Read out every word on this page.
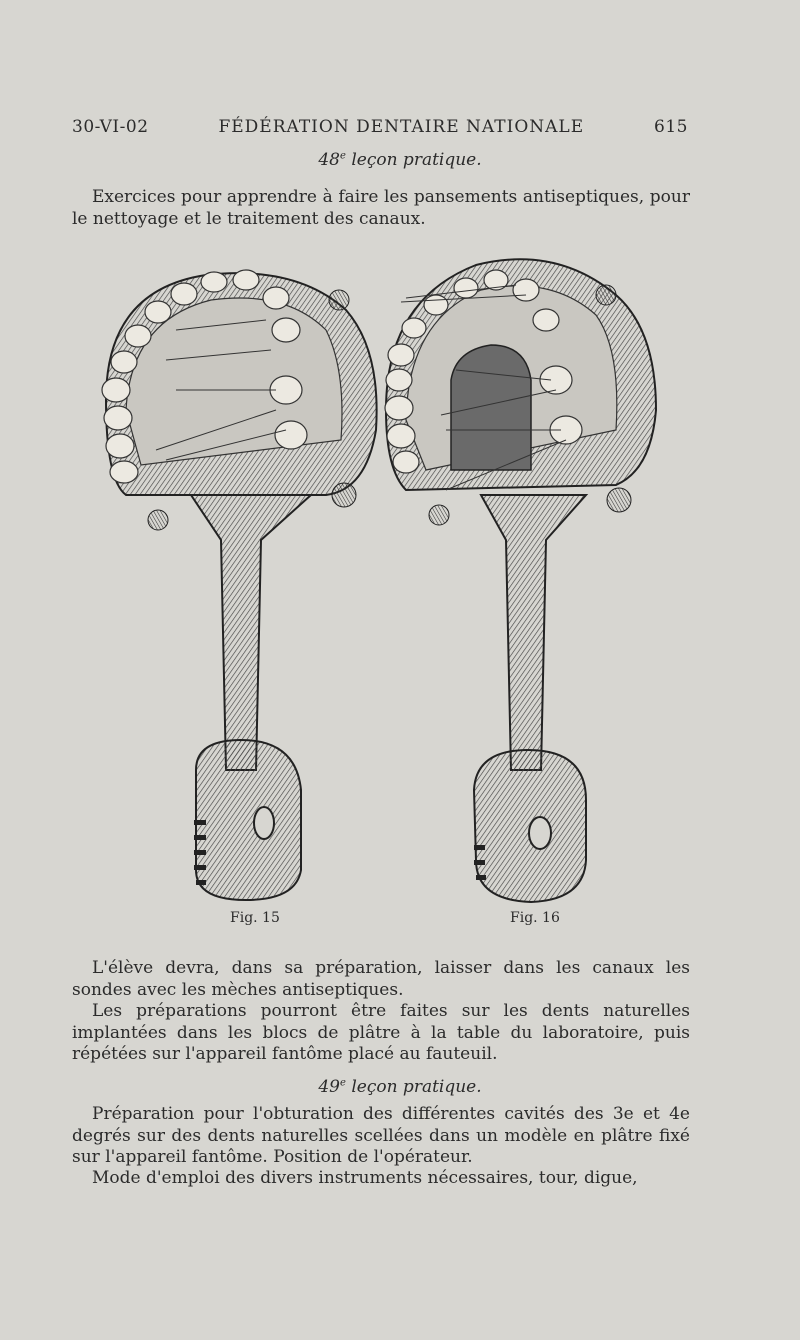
30-VI-02	FÉDÉRATION DENTAIRE NATIONALE	615
48e leçon pratique.

Exercices pour apprendre à faire les pansements antiseptiques, pour le nettoyage et le traitement des canaux.

Fig. 15	Fig. 16

L'élève devra, dans sa préparation, laisser dans les canaux les sondes avec les mèches antiseptiques.

Les préparations pourront être faites sur les dents naturelles implantées dans les blocs de plâtre à la table du laboratoire, puis répétées sur l'appareil fantôme placé au fauteuil.

49e leçon pratique.

Préparation pour l'obturation des différentes cavités des 3e et 4e degrés sur des dents naturelles scellées dans un modèle en plâtre fixé sur l'appareil fantôme. Position de l'opérateur.

Mode d'emploi des divers instruments nécessaires, tour, digue,
